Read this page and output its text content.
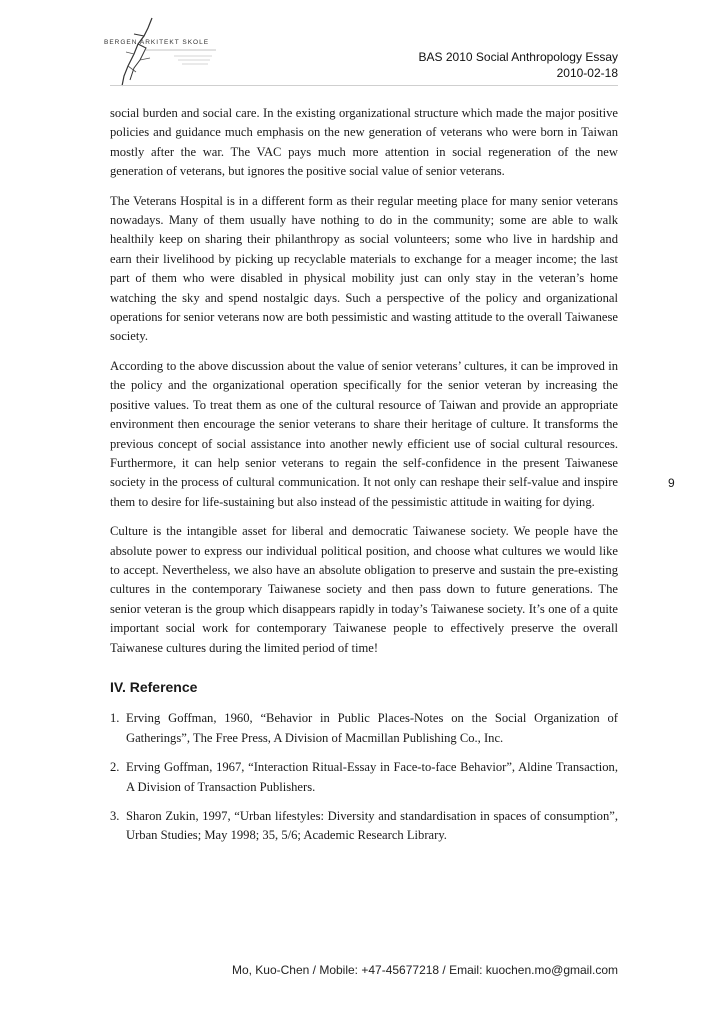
BERGEN ARKITEKT SKOLE
BAS 2010 Social Anthropology Essay
2010-02-18

social burden and social care. In the existing organizational structure which made the major positive policies and guidance much emphasis on the new generation of veterans who were born in Taiwan mostly after the war. The VAC pays much more attention in social regeneration of the new generation of veterans, but ignores the positive social value of senior veterans.

The Veterans Hospital is in a different form as their regular meeting place for many senior veterans nowadays. Many of them usually have nothing to do in the community; some are able to walk healthily keep on sharing their philanthropy as social volunteers; some who live in hardship and earn their livelihood by picking up recyclable materials to exchange for a meager income; the last part of them who were disabled in physical mobility just can only stay in the veteran’s home watching the sky and spend nostalgic days. Such a perspective of the policy and organizational operations for senior veterans now are both pessimistic and wasting attitude to the overall Taiwanese society.

According to the above discussion about the value of senior veterans’ cultures, it can be improved in the policy and the organizational operation specifically for the senior veteran by increasing the positive values. To treat them as one of the cultural resource of Taiwan and provide an appropriate environment then encourage the senior veterans to share their heritage of culture. It transforms the previous concept of social assistance into another newly efficient use of social cultural resources. Furthermore, it can help senior veterans to regain the self-confidence in the present Taiwanese society in the process of cultural communication. It not only can reshape their self-value and inspire them to desire for life-sustaining but also instead of the pessimistic attitude in waiting for dying.

Culture is the intangible asset for liberal and democratic Taiwanese society. We people have the absolute power to express our individual political position, and choose what cultures we would like to accept. Nevertheless, we also have an absolute obligation to preserve and sustain the pre-existing cultures in the contemporary Taiwanese society and then pass down to future generations. The senior veteran is the group which disappears rapidly in today’s Taiwanese society. It’s one of a quite important social work for contemporary Taiwanese people to effectively preserve the overall Taiwanese cultures during the limited period of time!

IV. Reference
1. Erving Goffman, 1960, “Behavior in Public Places-Notes on the Social Organization of Gatherings”, The Free Press, A Division of Macmillan Publishing Co., Inc.
2. Erving Goffman, 1967, “Interaction Ritual-Essay in Face-to-face Behavior”, Aldine Transaction, A Division of Transaction Publishers.
3. Sharon Zukin, 1997, “Urban lifestyles: Diversity and standardisation in spaces of consumption”, Urban Studies; May 1998; 35, 5/6; Academic Research Library.
9
Mo, Kuo-Chen / Mobile: +47-45677218 / Email: kuochen.mo@gmail.com
